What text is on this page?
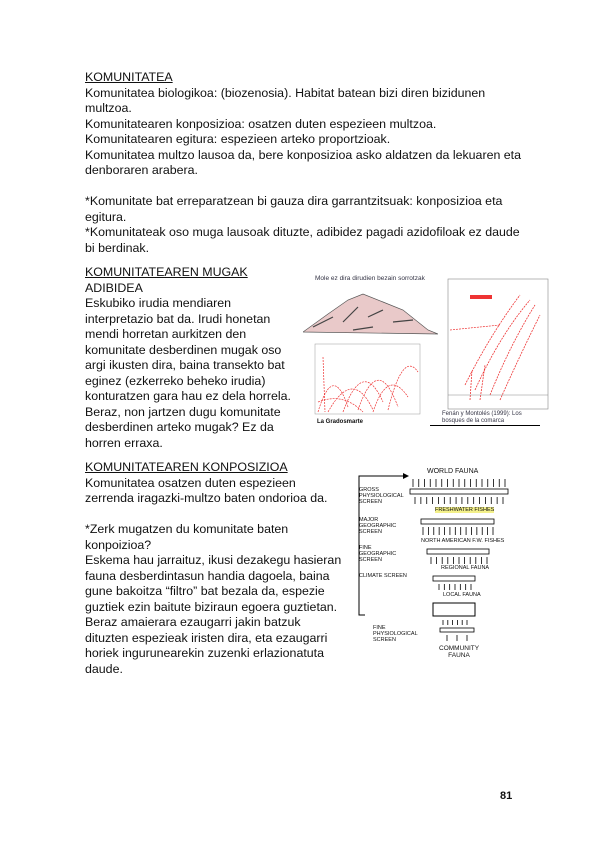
KOMUNITATEA
Komunitatea biologikoa: (biozenosia). Habitat batean bizi diren bizidunen
multzoa.
Komunitatearen konposizioa: osatzen duten espezieen multzoa.
Komunitatearen egitura: espezieen arteko proportzioak.
Komunitatea multzo lausoa da, bere konposizioa asko aldatzen da lekuaren eta
denboraren arabera.

*Komunitate bat erreparatzean bi gauza dira garrantzitsuak: konposizioa eta
egitura.
*Komunitateak oso muga lausoak dituzte, adibidez pagadi azidofiloak ez daude
bi berdinak.
KOMUNITATEAREN MUGAK
ADIBIDEA
Eskubiko irudia mendiaren
interpretazio bat da. Irudi honetan
mendi horretan aurkitzen den
komunitate desberdinen mugak oso
argi ikusten dira, baina transekto bat
eginez (ezkerreko beheko irudia)
konturatzen gara hau ez dela horrela.
Beraz, non jartzen dugu komunitate
desberdinen arteko mugak? Ez da
horren erraxa.
KOMUNITATEAREN KONPOSIZIOA
Komunitatea osatzen duten espezieen
zerrenda iragazki-multzo baten ondorioa da.

*Zerk mugatzen du komunitate baten
konpoizioa?
Eskema hau jarraituz, ikusi dezakegu hasieran
fauna desberdintasun handia dagoela, baina
gune bakoitza “filtro” bat bezala da, espezie
guztiek ezin baitute biziraun egoera guztietan.
Beraz amaierara ezaugarri jakin batzuk
dituzten espezieak iristen dira, eta ezaugarri
horiek ingurunearekin zuzenki erlazionatuta
daude.
Mole ez dira dirudien bezain sorrotzak
La Gradosmarte
Fenán y Montolés (1999): Los bosques de la comarca
WORLD FAUNA
GROSS PHYSIOLOGICAL SCREEN
MAJOR GEOGRAPHIC SCREEN
FINE GEOGRAPHIC SCREEN
CLIMATE SCREEN
FINE PHYSIOLOGICAL SCREEN
FRESHWATER FISHES
NORTH AMERICAN F.W. FISHES
REGIONAL FAUNA
LOCAL FAUNA
COMMUNITY FAUNA
81
